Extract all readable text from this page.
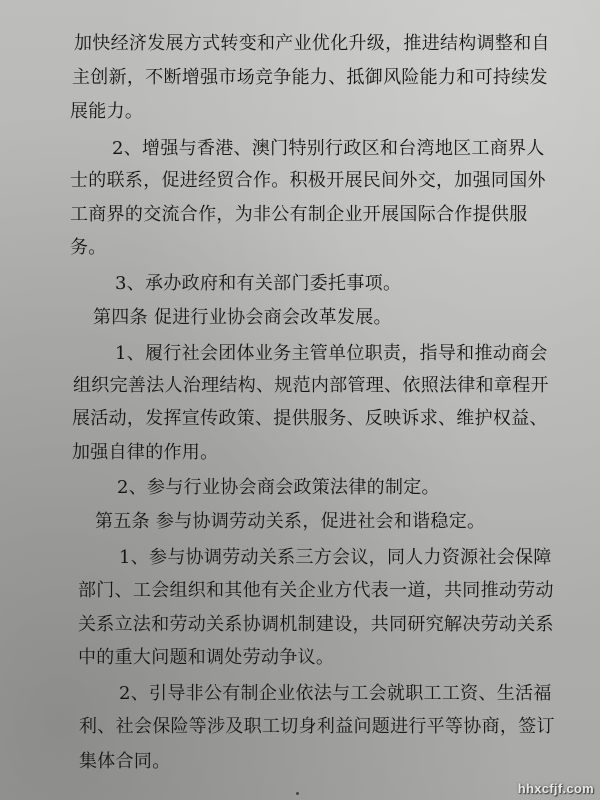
加快经济发展方式转变和产业优化升级，推进结构调整和自
主创新，不断增强市场竞争能力、抵御风险能力和可持续发
展能力。
2、增强与香港、澳门特别行政区和台湾地区工商界人
士的联系，促进经贸合作。积极开展民间外交，加强同国外
工商界的交流合作，为非公有制企业开展国际合作提供服
务。
3、承办政府和有关部门委托事项。
第四条 促进行业协会商会改革发展。
1、履行社会团体业务主管单位职责，指导和推动商会
组织完善法人治理结构、规范内部管理、依照法律和章程开
展活动，发挥宣传政策、提供服务、反映诉求、维护权益、
加强自律的作用。
2、参与行业协会商会政策法律的制定。
第五条 参与协调劳动关系，促进社会和谐稳定。
1、参与协调劳动关系三方会议，同人力资源社会保障
部门、工会组织和其他有关企业方代表一道，共同推动劳动
关系立法和劳动关系协调机制建设，共同研究解决劳动关系
中的重大问题和调处劳动争议。
2、引导非公有制企业依法与工会就职工工资、生活福
利、社会保险等涉及职工切身利益问题进行平等协商，签订
集体合同。
hhxcfjf.com
